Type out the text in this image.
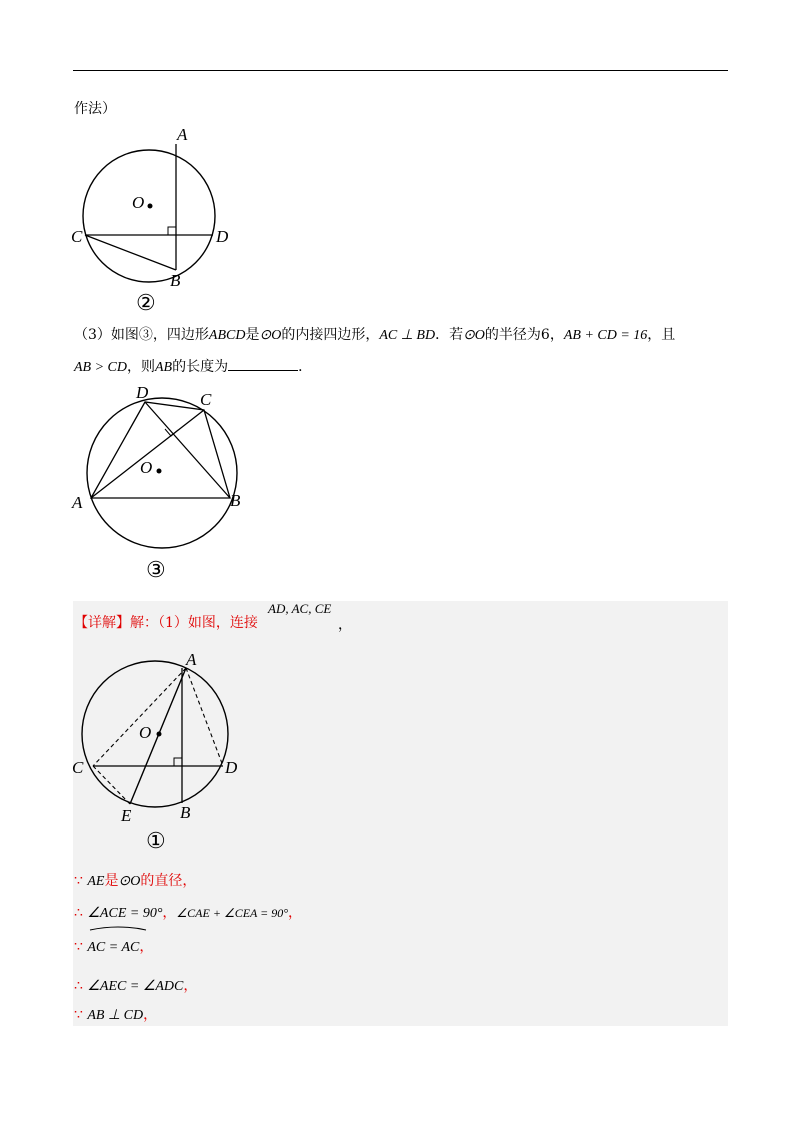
作法）
A
O
C	D
B
②
（3）如图③，四边形ABCD是⊙O的内接四边形，AC ⊥ BD．若⊙O的半径为6，AB + CD = 16，且
AB > CD，则AB的长度为	．
D	C
O
A	B
③
【详解】解：（1）如图，连接
AD, AC, CE
，
A
O
C	D
B
E
①
∵ AE是⊙O的直径，
∴ ∠ACE = 90°，∠CAE + ∠CEA = 90°，
∵ AC = AC，
∴ ∠AEC = ∠ADC，
∵ AB ⊥ CD，
